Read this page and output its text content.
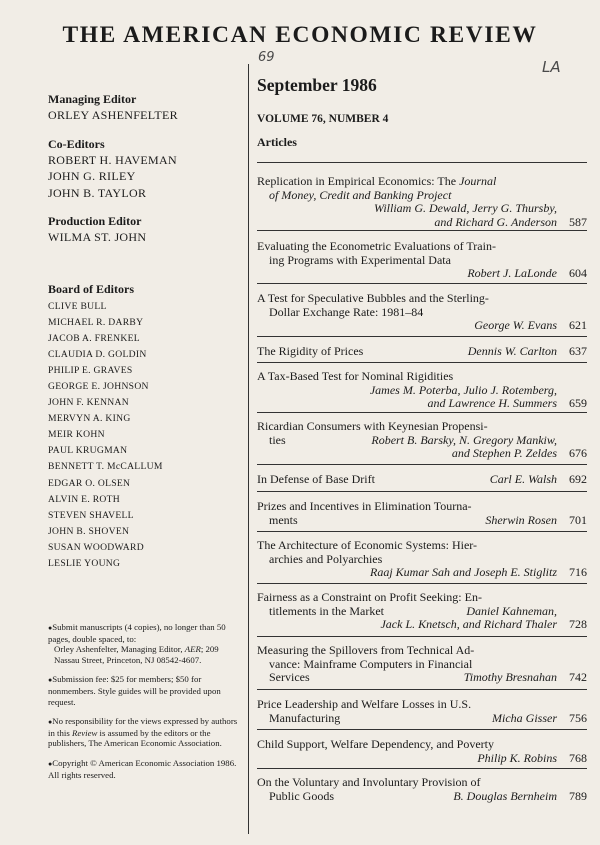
THE AMERICAN ECONOMIC REVIEW
69
LA
Managing Editor
ORLEY ASHENFELTER
Co-Editors
ROBERT H. HAVEMAN
JOHN G. RILEY
JOHN B. TAYLOR
Production Editor
WILMA ST. JOHN
Board of Editors
CLIVE BULL
MICHAEL R. DARBY
JACOB A. FRENKEL
CLAUDIA D. GOLDIN
PHILIP E. GRAVES
GEORGE E. JOHNSON
JOHN F. KENNAN
MERVYN A. KING
MEIR KOHN
PAUL KRUGMAN
BENNETT T. McCALLUM
EDGAR O. OLSEN
ALVIN E. ROTH
STEVEN SHAVELL
JOHN B. SHOVEN
SUSAN WOODWARD
LESLIE YOUNG

●Submit manuscripts (4 copies), no longer than 50 pages, double spaced, to:

Orley Ashenfelter, Managing Editor, AER; 209 Nassau Street, Princeton, NJ 08542-4607.

●Submission fee: $25 for members; $50 for nonmembers. Style guides will be provided upon request.

●No responsibility for the views expressed by authors in this Review is assumed by the editors or the publishers, The American Economic Association.

●Copyright © American Economic Association 1986. All rights reserved.

September 1986
VOLUME 76, NUMBER 4
Articles

Replication in Empirical Economics: The Journal

of Money, Credit and Banking Project

William G. Dewald, Jerry G. Thursby,

and Richard G. Anderson	587

Evaluating the Econometric Evaluations of Train-

ing Programs with Experimental Data

Robert J. LaLonde	604

A Test for Speculative Bubbles and the Sterling-

Dollar Exchange Rate: 1981–84

George W. Evans	621

The Rigidity of Prices	Dennis W. Carlton 637

A Tax-Based Test for Nominal Rigidities

James M. Poterba, Julio J. Rotemberg,

and Lawrence H. Summers	659

Ricardian Consumers with Keynesian Propensi-

ties	Robert B. Barsky, N. Gregory Mankiw,

and Stephen P. Zeldes	676

In Defense of Base Drift	Carl E. Walsh 692

Prizes and Incentives in Elimination Tourna-

ments	Sherwin Rosen 701

The Architecture of Economic Systems: Hier-

archies and Polyarchies

Raaj Kumar Sah and Joseph E. Stiglitz	716

Fairness as a Constraint on Profit Seeking: En-

titlements in the Market	Daniel Kahneman,

Jack L. Knetsch, and Richard Thaler	728

Measuring the Spillovers from Technical Ad-

vance: Mainframe Computers in Financial

Services	Timothy Bresnahan 742

Price Leadership and Welfare Losses in U.S.

Manufacturing	Micha Gisser 756

Child Support, Welfare Dependency, and Poverty

Philip K. Robins	768

On the Voluntary and Involuntary Provision of

Public Goods	B. Douglas Bernheim 789
